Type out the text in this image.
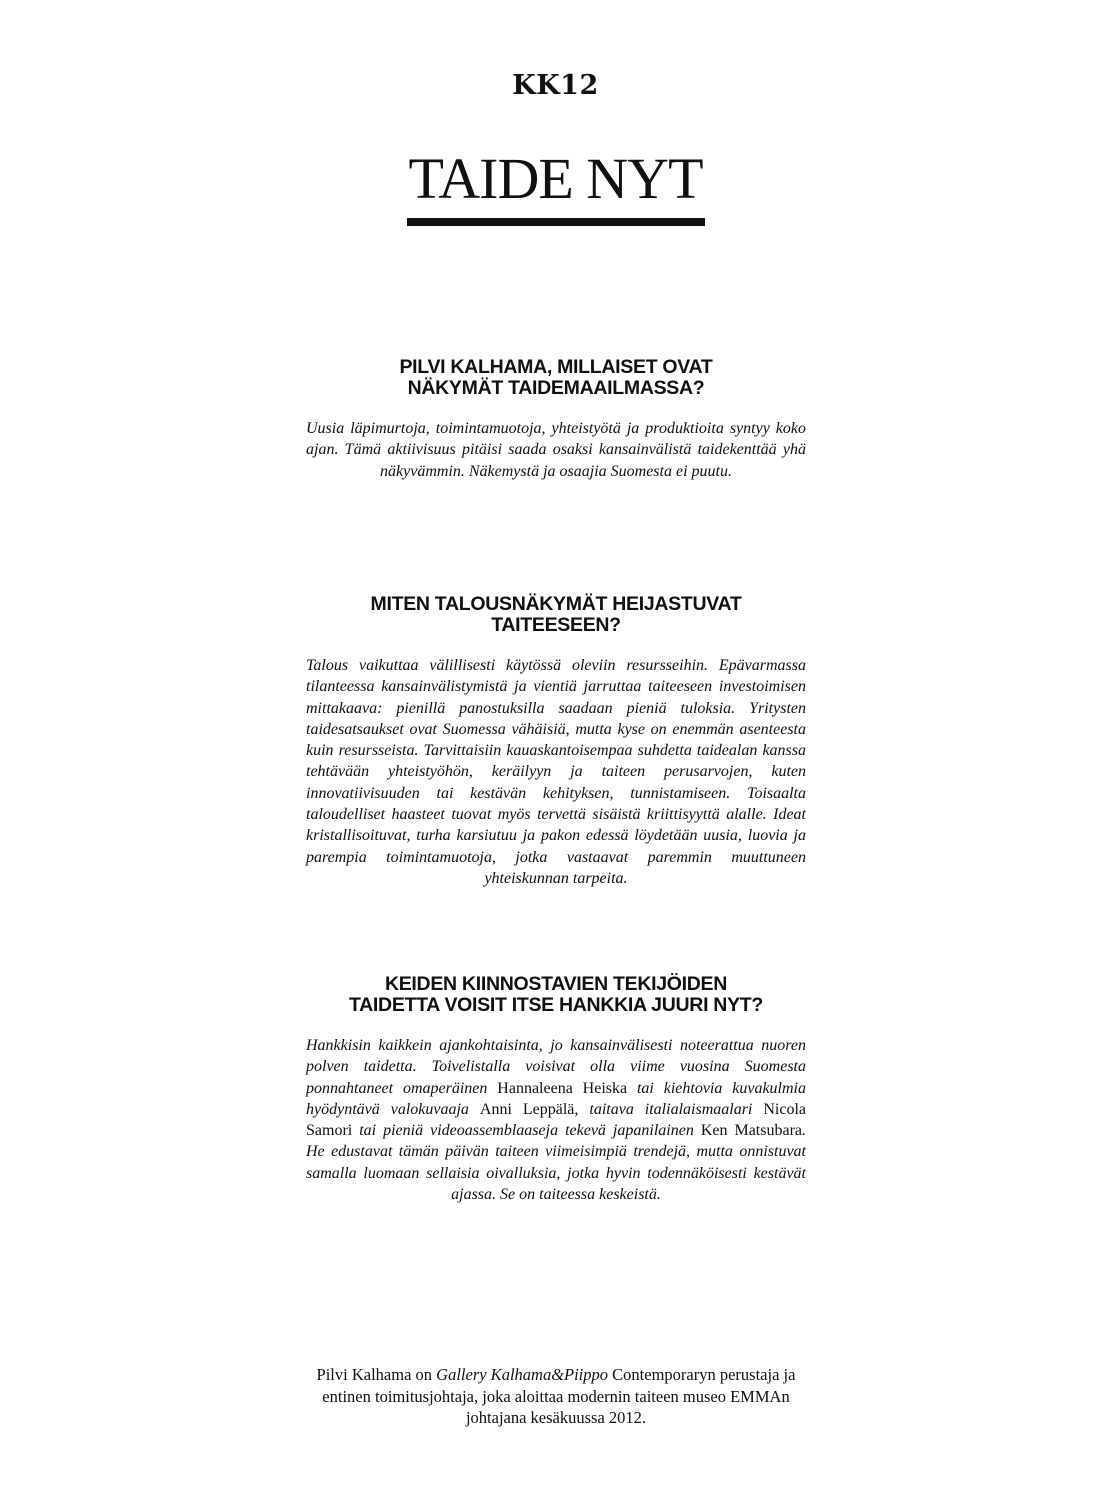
KK12
TAIDE NYT
PILVI KALHAMA, MILLAISET OVAT
NÄKYMÄT TAIDEMAAILMASSA?

Uusia läpimurtoja, toimintamuotoja, yhteistyötä ja produktioita syntyy koko ajan. Tämä aktiivisuus pitäisi saada osaksi kansainvälistä taidekenttää yhä näkyvämmin. Näkemystä ja osaajia Suomesta ei puutu.

MITEN TALOUSNÄKYMÄT HEIJASTUVAT TAITEESEEN?

Talous vaikuttaa välillisesti käytössä oleviin resursseihin. Epävarmassa tilanteessa kansainvälistymistä ja vientiä jarruttaa taiteeseen investoimisen mittakaava: pienillä panostuksilla saadaan pieniä tuloksia. Yritysten taidesatsaukset ovat Suomessa vähäisiä, mutta kyse on enemmän asenteesta kuin resursseista. Tarvittaisiin kauaskantoisempaa suhdetta taidealan kanssa tehtävään yhteistyöhön, keräilyyn ja taiteen perusarvojen, kuten innovatiivisuuden tai kestävän kehityksen, tunnistamiseen. Toisaalta taloudelliset haasteet tuovat myös tervettä sisäistä kriittisyyttä alalle. Ideat kristallisoituvat, turha karsiutuu ja pakon edessä löydetään uusia, luovia ja parempia toimintamuotoja, jotka vastaavat paremmin muuttuneen yhteiskunnan tarpeita.

KEIDEN KIINNOSTAVIEN TEKIJÖIDEN
TAIDETTA VOISIT ITSE HANKKIA JUURI NYT?

Hankkisin kaikkein ajankohtaisinta, jo kansainvälisesti noteerattua nuoren polven taidetta. Toivelistalla voisivat olla viime vuosina Suomesta ponnahtaneet omaperäinen Hannaleena Heiska tai kiehtovia kuvakulmia hyödyntävä valokuvaaja Anni Leppälä, taitava italialaismaalari Nicola Samori tai pieniä videoassemblaaseja tekevä japanilainen Ken Matsubara. He edustavat tämän päivän taiteen viimeisimpiä trendejä, mutta onnistuvat samalla luomaan sellaisia oivalluksia, jotka hyvin todennäköisesti kestävät ajassa. Se on taiteessa keskeistä.

Pilvi Kalhama on Gallery Kalhama&Piippo Contemporaryn perustaja ja entinen toimitusjohtaja, joka aloittaa modernin taiteen museo EMMAn johtajana kesäkuussa 2012.
